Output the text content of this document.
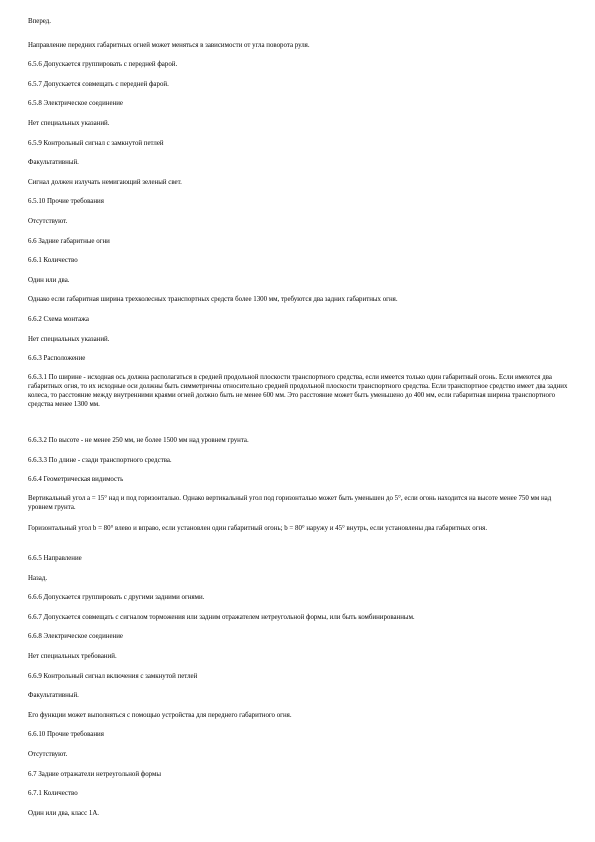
Вперед.
Направление передних габаритных огней может меняться в зависимости от угла поворота руля.
6.5.6 Допускается группировать с передней фарой.
6.5.7 Допускается совмещать с передней фарой.
6.5.8 Электрическое соединение
Нет специальных указаний.
6.5.9 Контрольный сигнал с замкнутой петлей
Факультативный.
Сигнал должен излучать немигающий зеленый свет.
6.5.10 Прочие требования
Отсутствуют.
6.6 Задние габаритные огни
6.6.1 Количество
Один или два.
Однако если габаритная ширина трехколесных транспортных средств более 1300 мм, требуются два задних габаритных огня.
6.6.2 Схема монтажа
Нет специальных указаний.
6.6.3 Расположение
6.6.3.1 По ширине - исходная ось должна располагаться в средней продольной плоскости транспортного средства, если имеется только один габаритный огонь. Если имеются два габаритных огня, то их исходные оси должны быть симметричны относительно средней продольной плоскости транспортного средства. Если транспортное средство имеет два задних колеса, то расстояние между внутренними краями огней должно быть не менее 600 мм. Это расстояние может быть уменьшено до 400 мм, если габаритная ширина транспортного средства менее 1300 мм.
6.6.3.2 По высоте - не менее 250 мм, не более 1500 мм над уровнем грунта.
6.6.3.3 По длине - сзади транспортного средства.
6.6.4 Геометрическая видимость
Вертикальный угол a = 15° над и под горизонталью. Однако вертикальный угол под горизонталью может быть уменьшен до 5°, если огонь находится на высоте менее 750 мм над уровнем грунта.
Горизонтальный угол b = 80° влево и вправо, если установлен один габаритный огонь; b = 80° наружу и 45° внутрь, если установлены два габаритных огня.
6.6.5 Направление
Назад.
6.6.6 Допускается группировать с другими задними огнями.
6.6.7 Допускается совмещать с сигналом торможения или задним отражателем нетреугольной формы, или быть комбинированным.
6.6.8 Электрическое соединение
Нет специальных требований.
6.6.9 Контрольный сигнал включения с замкнутой петлей
Факультативный.
Его функции может выполняться с помощью устройства для переднего габаритного огня.
6.6.10 Прочие требования
Отсутствуют.
6.7 Задние отражатели нетреугольной формы
6.7.1 Количество
Один или два, класс 1А.
